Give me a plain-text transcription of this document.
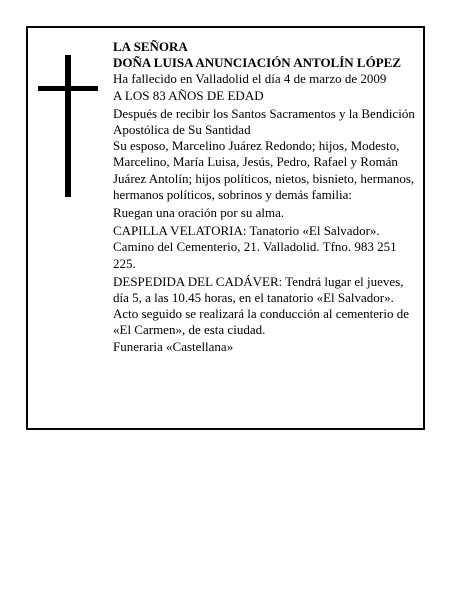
LA SEÑORA

DOÑA LUISA ANUNCIACIÓN ANTOLÍN LÓPEZ

Ha fallecido en Valladolid el día 4 de marzo de 2009

A LOS 83 AÑOS DE EDAD

Después de recibir los Santos Sacramentos y la Bendición Apostólica de Su Santidad

Su esposo, Marcelino Juárez Redondo; hijos, Modesto, Marcelino, María Luisa, Jesús, Pedro, Rafael y Román Juárez Antolín; hijos políticos, nietos, bisnieto, hermanos, hermanos políticos, sobrinos y demás familia:

Ruegan una oración por su alma.

CAPILLA VELATORIA: Tanatorio «El Salvador». Camino del Cementerio, 21. Valladolid. Tfno. 983 251 225.

DESPEDIDA DEL CADÁVER: Tendrá lugar el jueves, día 5, a las 10.45 horas, en el tanatorio «El Salvador». Acto seguido se realizará la conducción al cementerio de «El Carmen», de esta ciudad.

Funeraria «Castellana»
